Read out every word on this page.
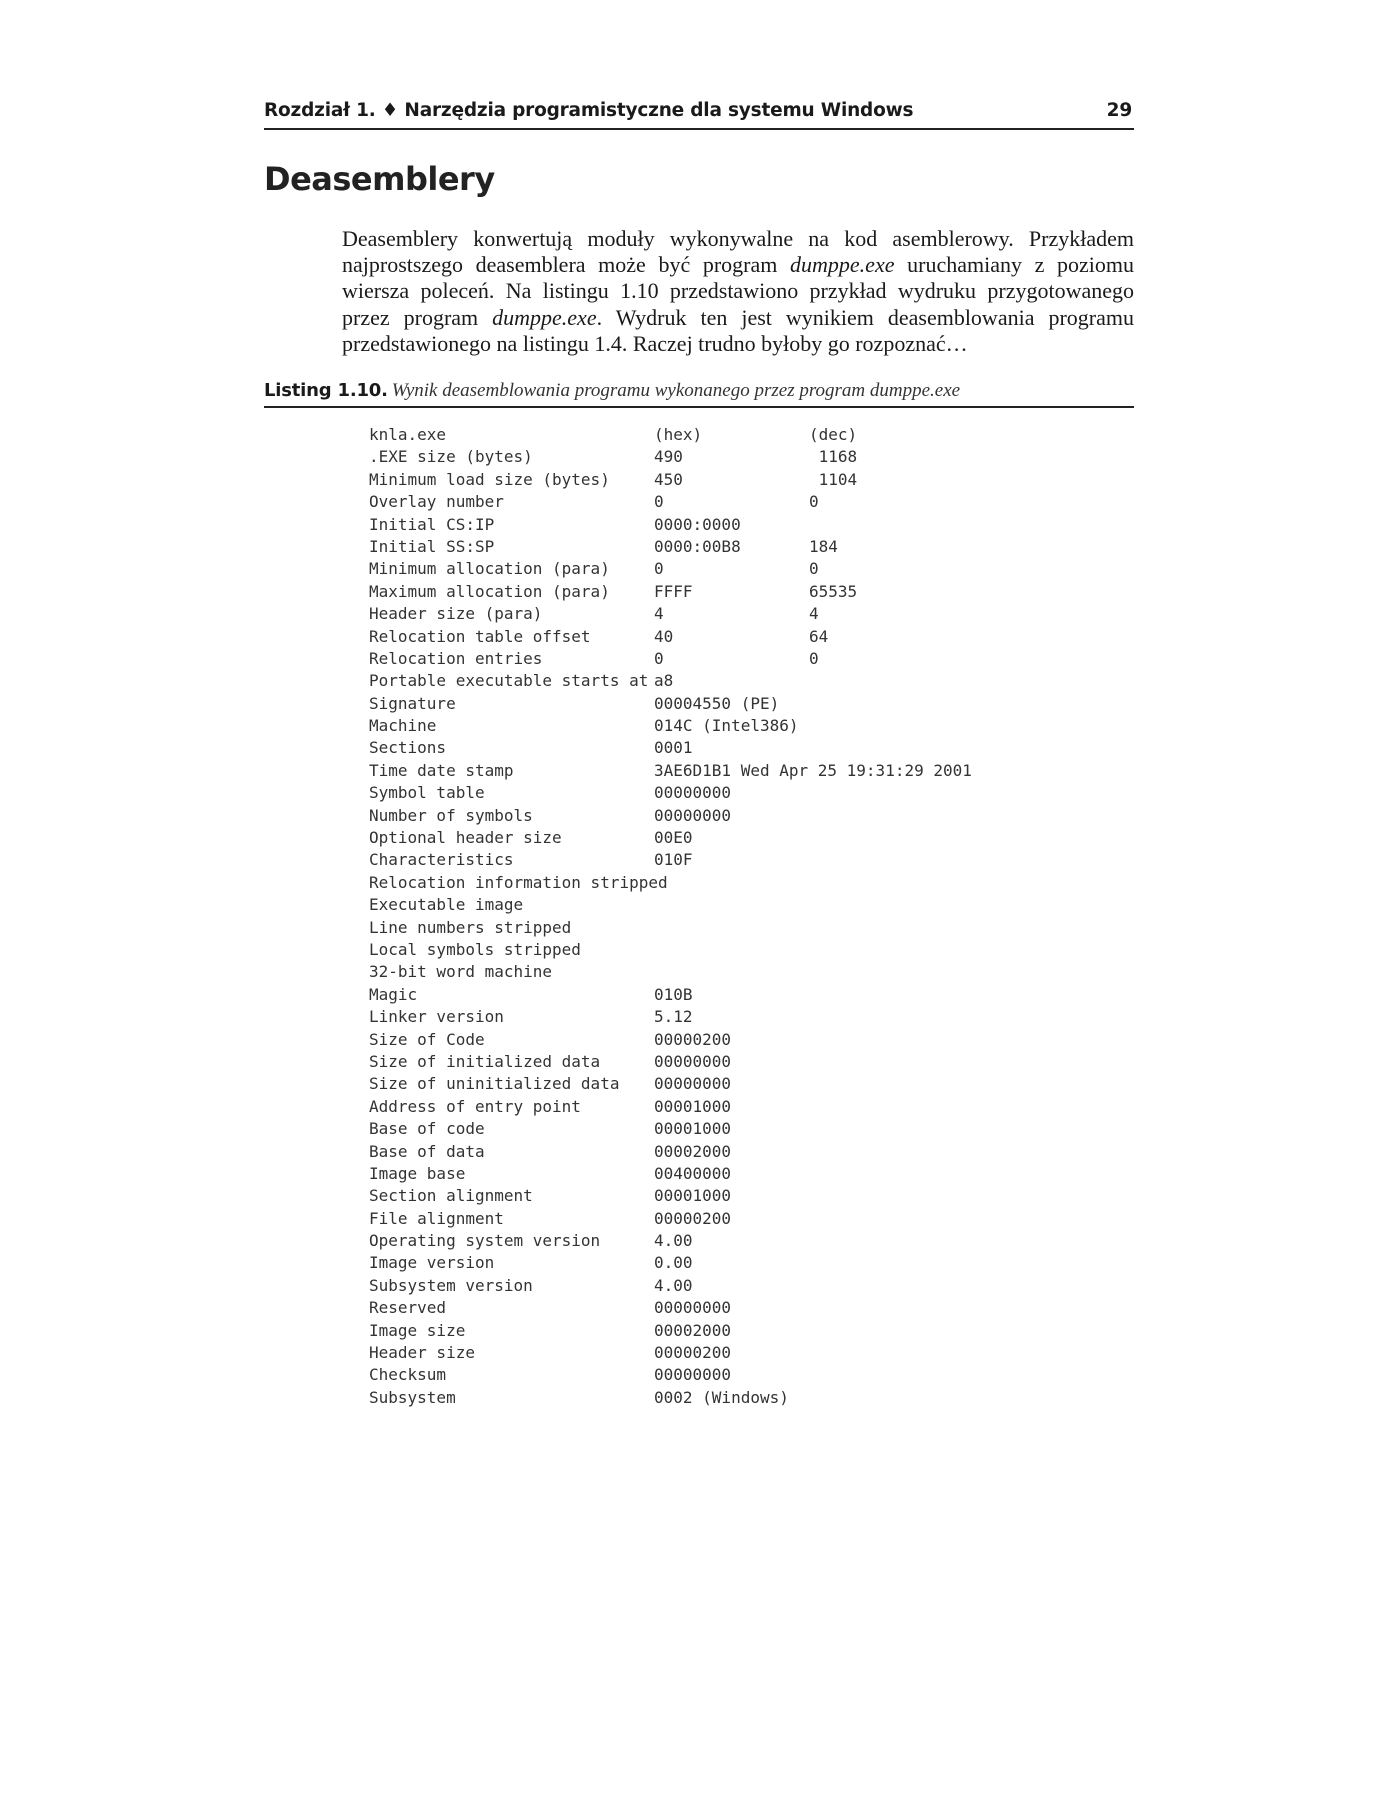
Rozdział 1. ♦ Narzędzia programistyczne dla systemu Windows	29
Deasemblery

Deasemblery konwertują moduły wykonywalne na kod asemblerowy. Przykładem najprostszego deasemblera może być program dumppe.exe uruchamiany z poziomu wiersza poleceń. Na listingu 1.10 przedstawiono przykład wydruku przygotowanego przez program dumppe.exe. Wydruk ten jest wynikiem deasemblowania programu przedstawionego na listingu 1.4. Raczej trudno byłoby go rozpoznać…

Listing 1.10. Wynik deasemblowania programu wykonanego przez program dumppe.exe
knla.exe	(hex)	(dec)
.EXE size (bytes)	490	1168
Minimum load size (bytes)	450	1104
Overlay number	0	0
Initial CS:IP	0000:0000
Initial SS:SP	0000:00B8	184
Minimum allocation (para)	0	0
Maximum allocation (para)	FFFF	65535
Header size (para)	4	4
Relocation table offset	40	64
Relocation entries	0	0
Portable executable starts at a8
Signature	00004550 (PE)
Machine	014C (Intel386)
Sections	0001
Time date stamp	3AE6D1B1 Wed Apr 25 19:31:29 2001
Symbol table	00000000
Number of symbols	00000000
Optional header size	00E0
Characteristics	010F
Relocation information stripped
Executable image
Line numbers stripped
Local symbols stripped
32-bit word machine
Magic	010B
Linker version	5.12
Size of Code	00000200
Size of initialized data	00000000
Size of uninitialized data 00000000
Address of entry point	00001000
Base of code	00001000
Base of data	00002000
Image base	00400000
Section alignment	00001000
File alignment	00000200
Operating system version	4.00
Image version	0.00
Subsystem version	4.00
Reserved	00000000
Image size	00002000
Header size	00000200
Checksum	00000000
Subsystem	0002 (Windows)
